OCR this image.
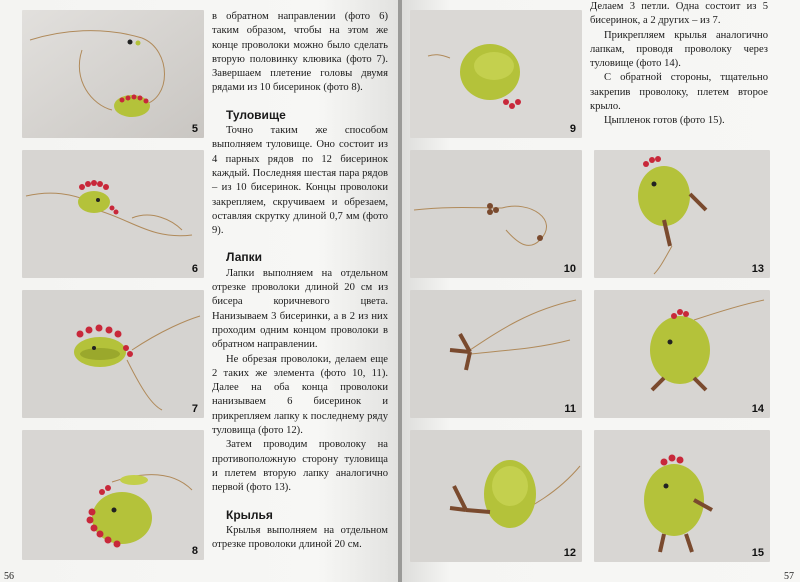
5
6
7
8

в обратном направлении (фото 6) таким образом, чтобы на этом же конце проволоки можно было сделать вторую половинку клювика (фото 7). Завершаем плетение головы двумя рядами из 10 бисеринок (фото 8).

Туловище

Точно таким же способом выполняем туловище. Оно состоит из 4 парных рядов по 12 бисеринок каждый. Последняя шестая пара рядов – из 10 бисеринок. Концы проволоки закрепляем, скручиваем и обрезаем, оставляя скрутку длиной 0,7 мм (фото 9).

Лапки

Лапки выполняем на отдельном отрезке проволоки длиной 20 см из бисера коричневого цвета. Нанизываем 3 бисеринки, а в 2 из них проходим одним концом проволоки в обратном направлении.

Не обрезая проволоки, делаем еще 2 таких же элемента (фото 10, 11). Далее на оба конца проволоки нанизываем 6 бисеринок и прикрепляем лапку к последнему ряду туловища (фото 12).

Затем проводим проволоку на противоположную сторону туловища и плетем вторую лапку аналогично первой (фото 13).

Крылья

Крылья выполняем на отдельном отрезке проволоки длиной 20 см.

56
9

Делаем 3 петли. Одна состоит из 5 бисеринок, а 2 других – из 7.

Прикрепляем крылья аналогично лапкам, проводя проволоку через туловище (фото 14).

С обратной стороны, тщательно закрепив проволоку, плетем второе крыло.

Цыпленок готов (фото 15).

10	13
11	14
12	15
57
